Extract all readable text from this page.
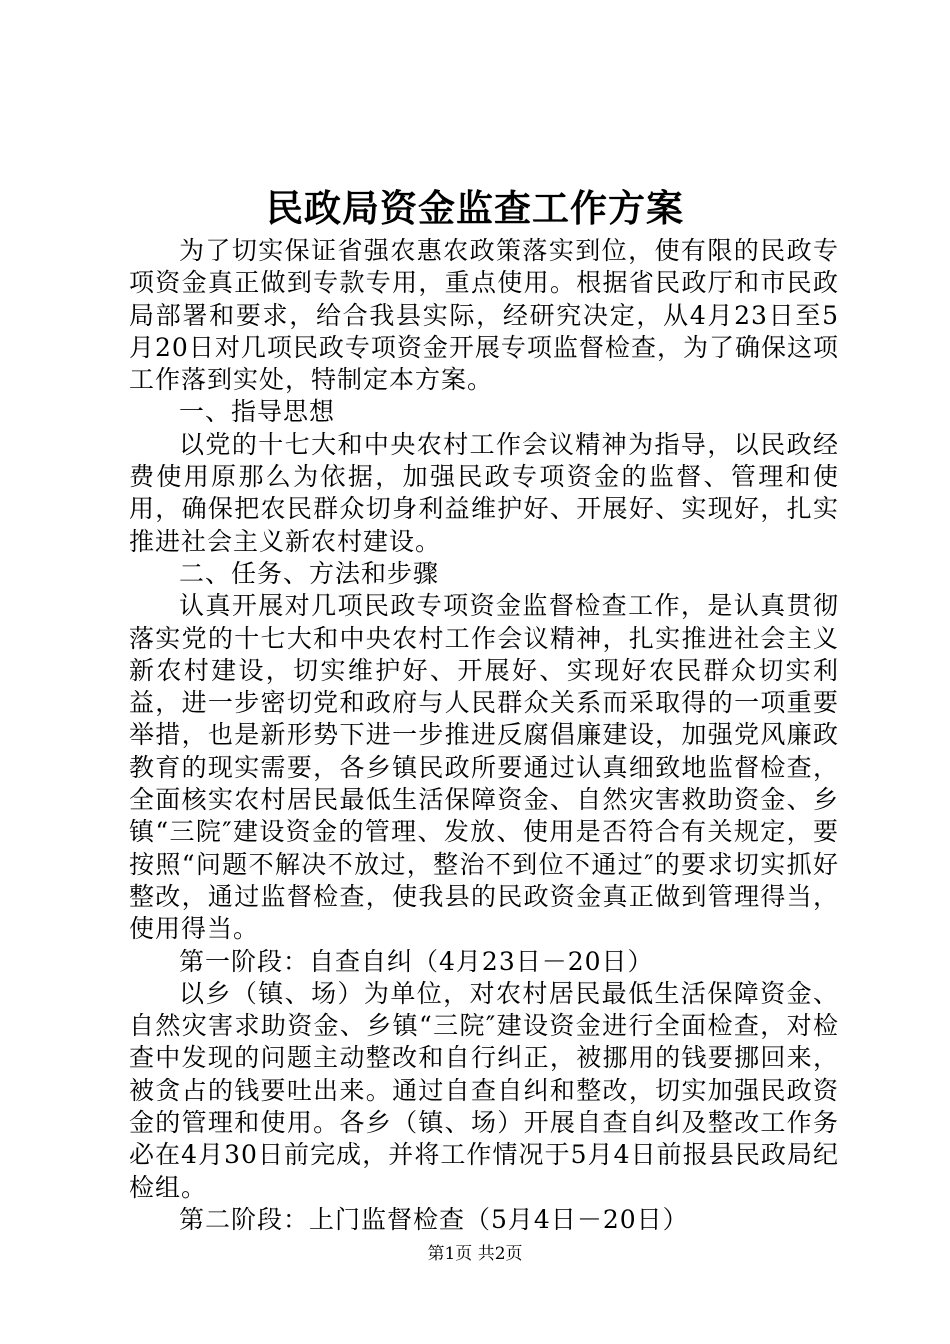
民政局资金监查工作方案

为了切实保证省强农惠农政策落实到位，使有限的民政专项资金真正做到专款专用，重点使用。根据省民政厅和市民政局部署和要求，给合我县实际，经研究决定，从4月23日至5月20日对几项民政专项资金开展专项监督检查，为了确保这项工作落到实处，特制定本方案。

一、指导思想

以党的十七大和中央农村工作会议精神为指导，以民政经费使用原那么为依据，加强民政专项资金的监督、管理和使用，确保把农民群众切身利益维护好、开展好、实现好，扎实推进社会主义新农村建设。

二、任务、方法和步骤

认真开展对几项民政专项资金监督检查工作，是认真贯彻落实党的十七大和中央农村工作会议精神，扎实推进社会主义新农村建设，切实维护好、开展好、实现好农民群众切实利益，进一步密切党和政府与人民群众关系而采取得的一项重要举措，也是新形势下进一步推进反腐倡廉建设，加强党风廉政教育的现实需要，各乡镇民政所要通过认真细致地监督检查，全面核实农村居民最低生活保障资金、自然灾害救助资金、乡镇“三院″建设资金的管理、发放、使用是否符合有关规定，要按照“问题不解决不放过，整治不到位不通过″的要求切实抓好整改，通过监督检查，使我县的民政资金真正做到管理得当，使用得当。

第一阶段：自查自纠（4月23日－20日）

以乡（镇、场）为单位，对农村居民最低生活保障资金、自然灾害求助资金、乡镇“三院″建设资金进行全面检查，对检查中发现的问题主动整改和自行纠正，被挪用的钱要挪回来，被贪占的钱要吐出来。通过自查自纠和整改，切实加强民政资金的管理和使用。各乡（镇、场）开展自查自纠及整改工作务必在4月30日前完成，并将工作情况于5月4日前报县民政局纪检组。

第二阶段：上门监督检查（5月4日－20日）

第1页 共2页
